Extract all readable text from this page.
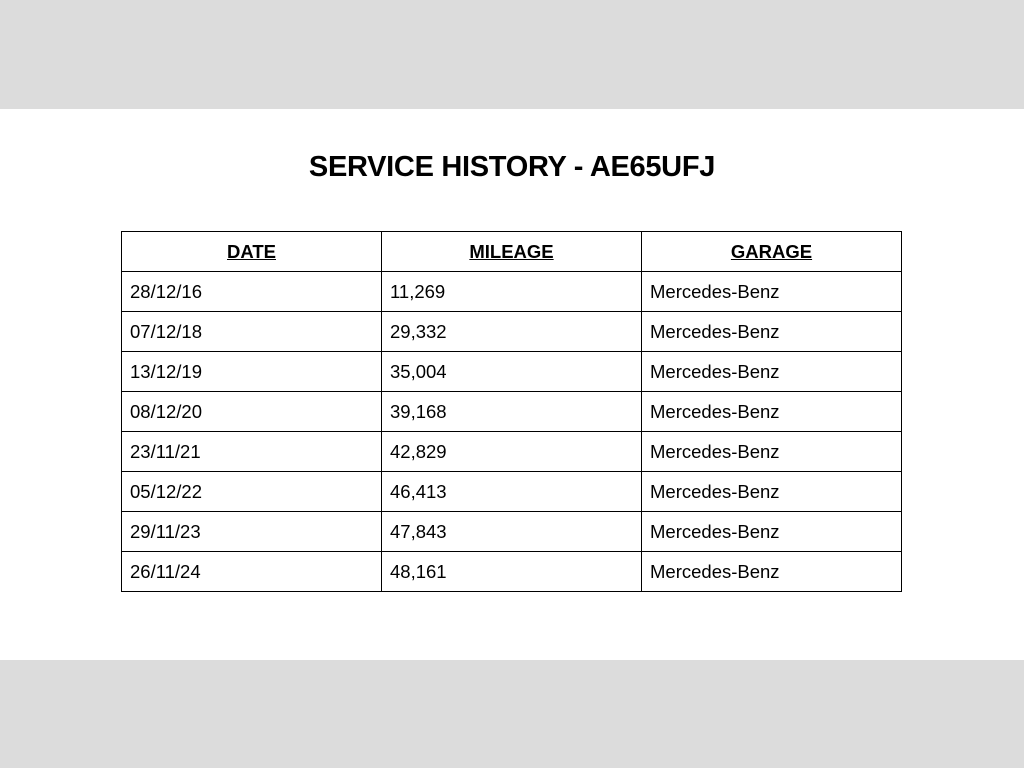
SERVICE HISTORY - AE65UFJ
DATE	MILEAGE	GARAGE
28/12/16	11,269	Mercedes-Benz
07/12/18	29,332	Mercedes-Benz
13/12/19	35,004	Mercedes-Benz
08/12/20	39,168	Mercedes-Benz
23/11/21	42,829	Mercedes-Benz
05/12/22	46,413	Mercedes-Benz
29/11/23	47,843	Mercedes-Benz
26/11/24	48,161	Mercedes-Benz
